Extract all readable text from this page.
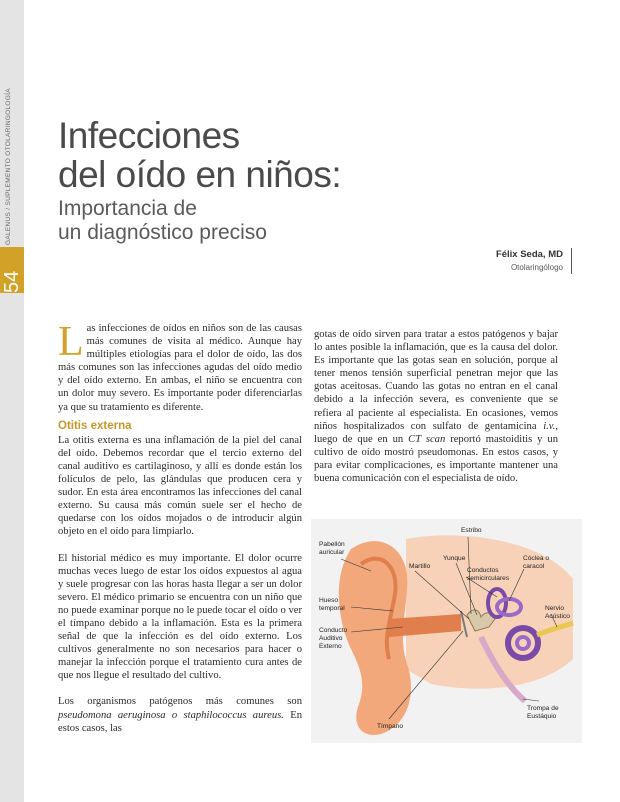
54
Infecciones
del oído en niños:
Importancia de
un diagnóstico preciso
Félix Seda, MD
Otolaringólogo
Las infecciones de oídos en niños son de las causas más comunes de visita al médico. Aunque hay múltiples etiologías para el dolor de oído, las dos más comunes son las infecciones agudas del oído medio y del oído externo. En ambas, el niño se encuentra con un dolor muy severo. Es importante poder diferenciarlas ya que su tratamiento es diferente.
Otitis externa
La otitis externa es una inflamación de la piel del canal del oído. Debemos recordar que el tercio externo del canal auditivo es cartilaginoso, y allí es donde están los folículos de pelo, las glándulas que producen cera y sudor. En esta área encontramos las infecciones del canal externo. Su causa más común suele ser el hecho de quedarse con los oídos mojados o de introducir algún objeto en el oído para limpiarlo.
El historial médico es muy importante. El dolor ocurre muchas veces luego de estar los oídos expuestos al agua y suele progresar con las horas hasta llegar a ser un dolor severo. El médico primario se encuentra con un niño que no puede examinar porque no le puede tocar el oído o ver el tímpano debido a la inflamación. Esta es la primera señal de que la infección es del oído externo. Los cultivos generalmente no son necesarios para hacer o manejar la infección porque el tratamiento cura antes de que nos llegue el resultado del cultivo.
Los organismos patógenos más comunes son pseudomona aeruginosa o staphilococcus aureus. En estos casos, las
gotas de oído sirven para tratar a estos patógenos y bajar lo antes posible la inflamación, que es la causa del dolor. Es importante que las gotas sean en solución, porque al tener menos tensión superficial penetran mejor que las gotas aceitosas. Cuando las gotas no entran en el canal debido a la infección severa, es conveniente que se refiera al paciente al especialista. En ocasiones, vemos niños hospitalizados con sulfato de gentamicina i.v., luego de que en un CT scan reportó mastoiditis y un cultivo de oído mostró pseudomonas. En estos casos, y para evitar complicaciones, es importante mantener una buena comunicación con el especialista de oído.
Pabellón auricular
Estribo
Yunque
Martillo
Conductos semicirculares
Cóclea o caracol
Hueso temporal	Nervio Acústico
Conducto Auditivo Externo
Trompa de Eustáquio
Tímpano
